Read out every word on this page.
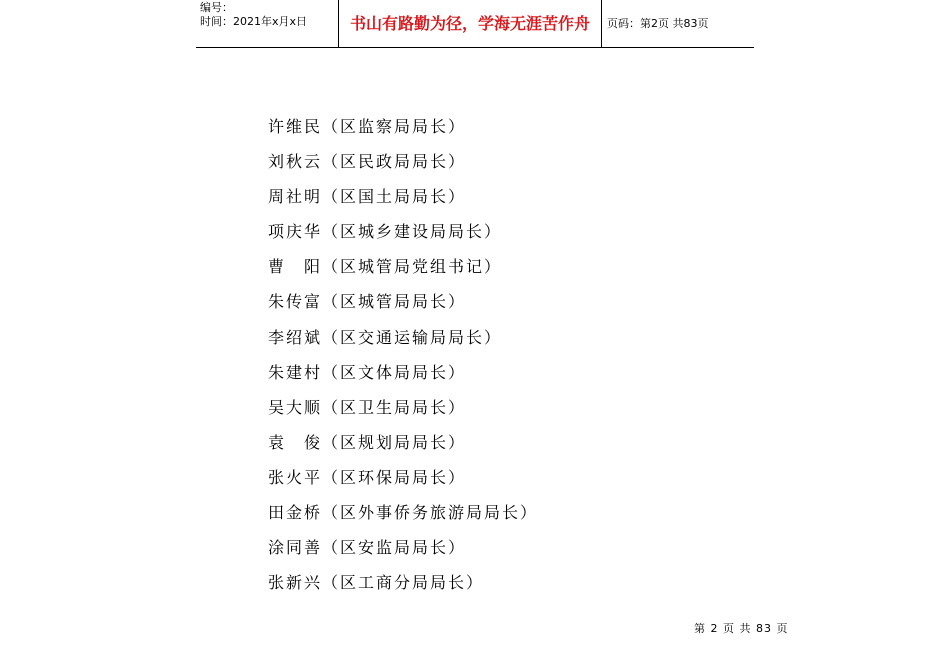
编号：
时间：2021年x月x日	书山有路勤为径，学海无涯苦作舟	页码：第2页 共83页
许维民（区监察局局长）
刘秋云（区民政局局长）
周社明（区国土局局长）
项庆华（区城乡建设局局长）
曹　阳（区城管局党组书记）
朱传富（区城管局局长）
李绍斌（区交通运输局局长）
朱建村（区文体局局长）
吴大顺（区卫生局局长）
袁　俊（区规划局局长）
张火平（区环保局局长）
田金桥（区外事侨务旅游局局长）
涂同善（区安监局局长）
张新兴（区工商分局局长）
第 2 页 共 83 页
